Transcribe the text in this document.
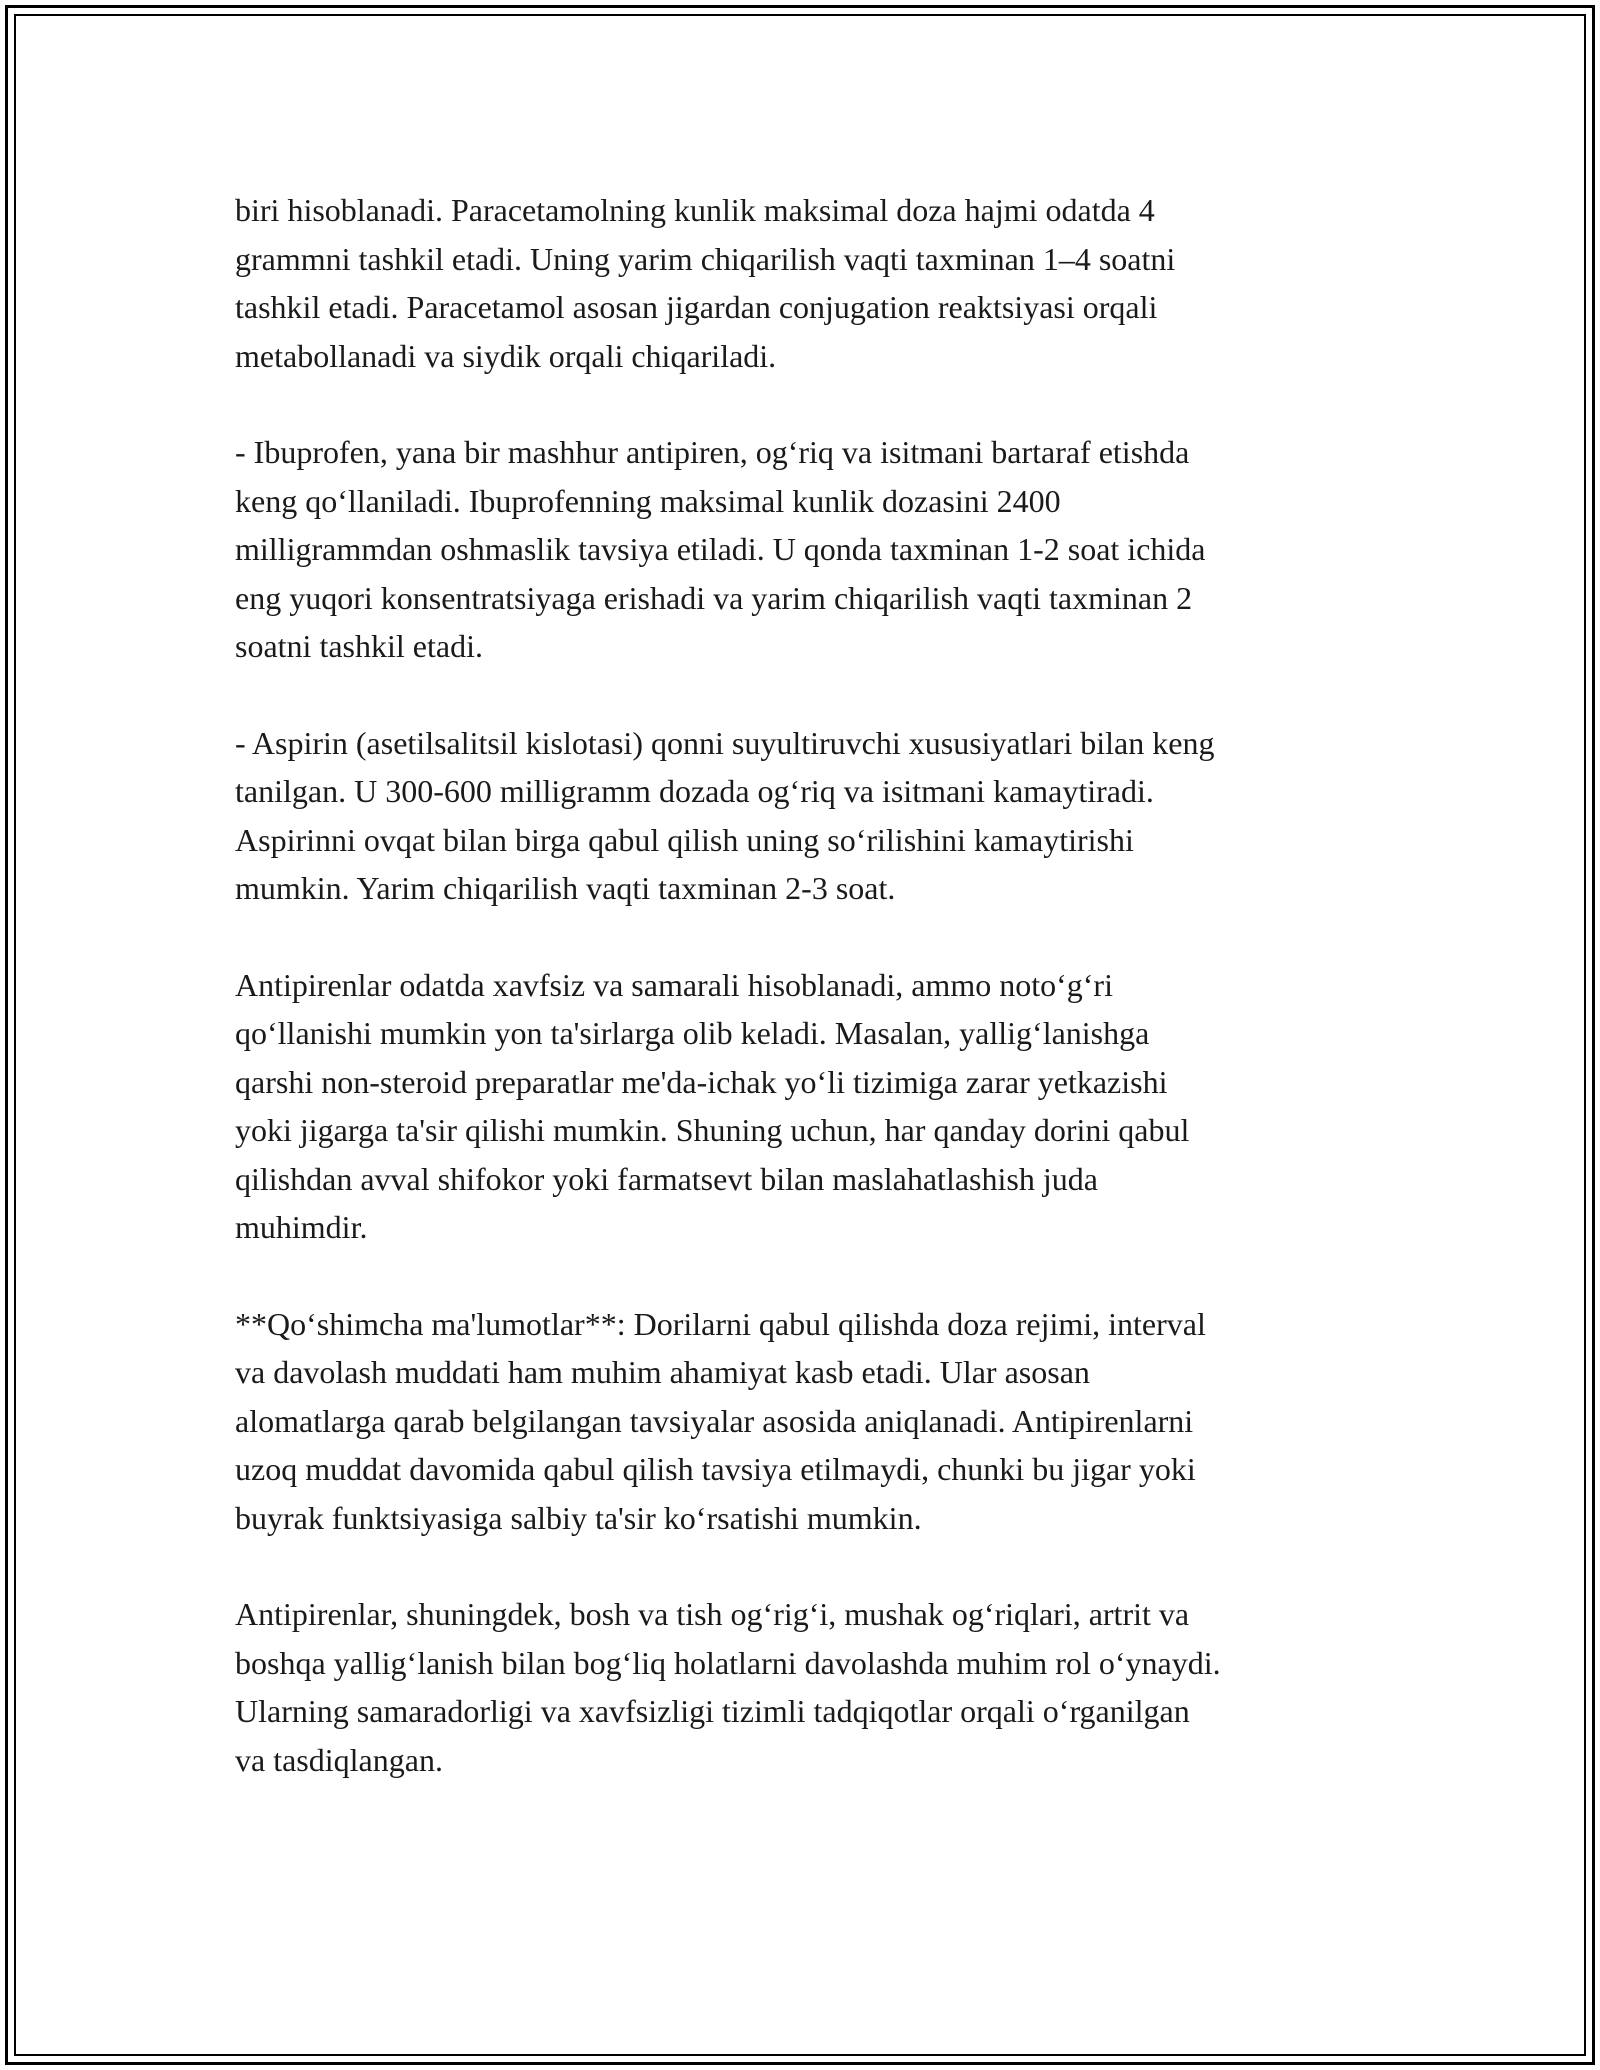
biri hisoblanadi. Paracetamolning kunlik maksimal doza hajmi odatda 4
grammni tashkil etadi. Uning yarim chiqarilish vaqti taxminan 1–4 soatni
tashkil etadi. Paracetamol asosan jigardan conjugation reaktsiyasi orqali
metabollanadi va siydik orqali chiqariladi.

- Ibuprofen, yana bir mashhur antipiren, og‘riq va isitmani bartaraf etishda
keng qo‘llaniladi. Ibuprofenning maksimal kunlik dozasini 2400
milligrammdan oshmaslik tavsiya etiladi. U qonda taxminan 1-2 soat ichida
eng yuqori konsentratsiyaga erishadi va yarim chiqarilish vaqti taxminan 2
soatni tashkil etadi.

- Aspirin (asetilsalitsil kislotasi) qonni suyultiruvchi xususiyatlari bilan keng
tanilgan. U 300-600 milligramm dozada og‘riq va isitmani kamaytiradi.
Aspirinni ovqat bilan birga qabul qilish uning so‘rilishini kamaytirishi
mumkin. Yarim chiqarilish vaqti taxminan 2-3 soat.

Antipirenlar odatda xavfsiz va samarali hisoblanadi, ammo noto‘g‘ri
qo‘llanishi mumkin yon ta'sirlarga olib keladi. Masalan, yallig‘lanishga
qarshi non-steroid preparatlar me'da-ichak yo‘li tizimiga zarar yetkazishi
yoki jigarga ta'sir qilishi mumkin. Shuning uchun, har qanday dorini qabul
qilishdan avval shifokor yoki farmatsevt bilan maslahatlashish juda
muhimdir.

**Qo‘shimcha ma'lumotlar**: Dorilarni qabul qilishda doza rejimi, interval
va davolash muddati ham muhim ahamiyat kasb etadi. Ular asosan
alomatlarga qarab belgilangan tavsiyalar asosida aniqlanadi. Antipirenlarni
uzoq muddat davomida qabul qilish tavsiya etilmaydi, chunki bu jigar yoki
buyrak funktsiyasiga salbiy ta'sir ko‘rsatishi mumkin.

Antipirenlar, shuningdek, bosh va tish og‘rig‘i, mushak og‘riqlari, artrit va
boshqa yallig‘lanish bilan bog‘liq holatlarni davolashda muhim rol o‘ynaydi.
Ularning samaradorligi va xavfsizligi tizimli tadqiqotlar orqali o‘rganilgan
va tasdiqlangan.
